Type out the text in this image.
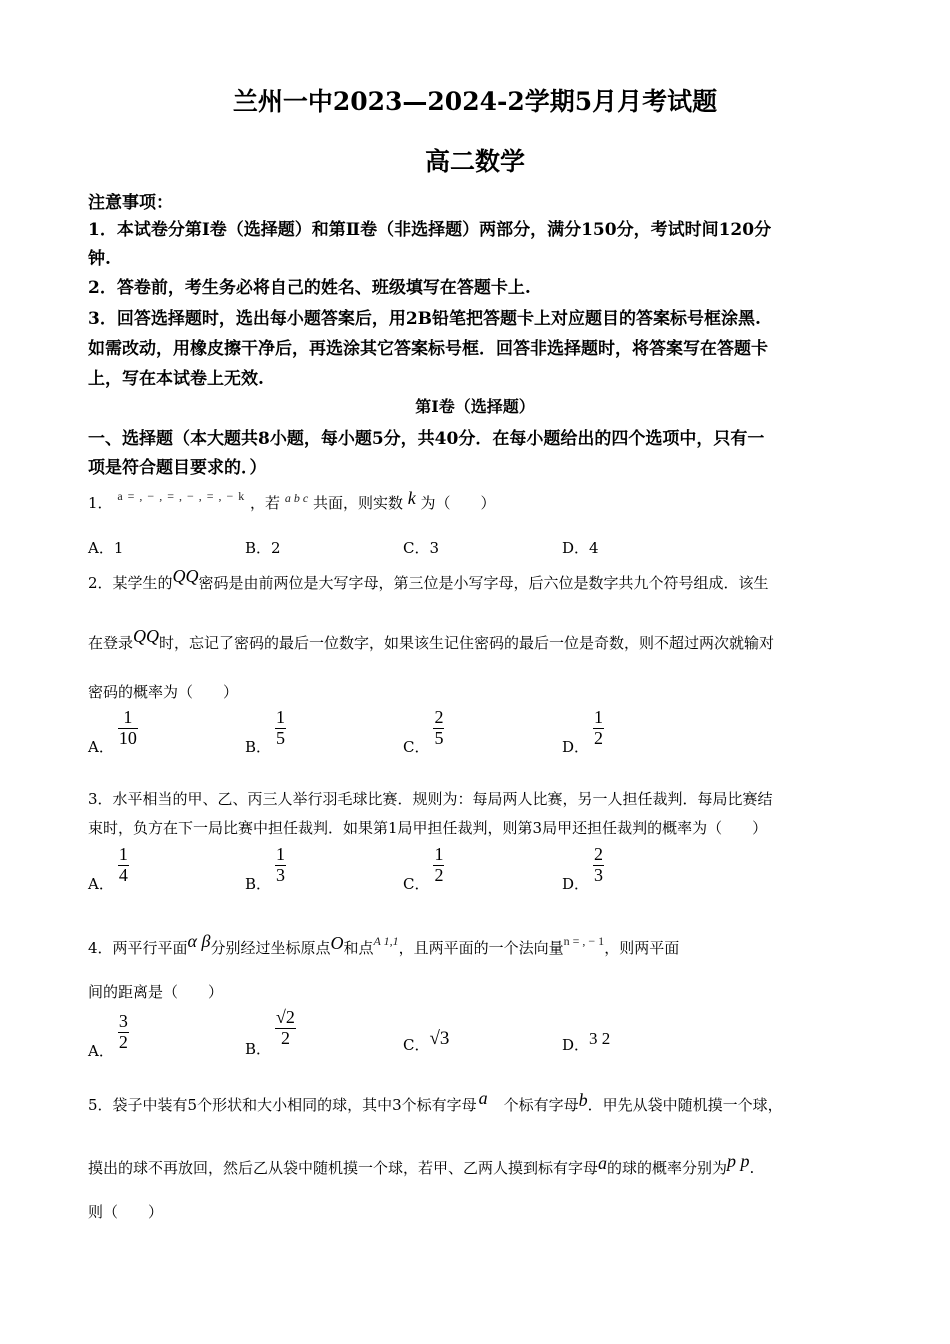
兰州一中2023—2024-2学期5月月考试题
高二数学
注意事项：
1．本试卷分第Ⅰ卷（选择题）和第Ⅱ卷（非选择题）两部分，满分150分，考试时间120分
钟.
2．答卷前，考生务必将自己的姓名、班级填写在答题卡上.
3．回答选择题时，选出每小题答案后，用2B铅笔把答题卡上对应题目的答案标号框涂黑.
如需改动，用橡皮擦干净后，再选涂其它答案标号框．回答非选择题时，将答案写在答题卡
上，写在本试卷上无效.
第Ⅰ卷（选择题）
一、选择题（本大题共8小题，每小题5分，共40分．在每小题给出的四个选项中，只有一
项是符合题目要求的．）
1． $^{a = , - , = , - , = , - k}$ ，若 $^{a b c}$ 共面，则实数 k 为（　　）
A．1	B．2	C．3	D．4
2．某学生的QQ密码是由前两位是大写字母，第三位是小写字母，后六位是数字共九个符号组成．该生
在登录QQ时，忘记了密码的最后一位数字，如果该生记住密码的最后一位是奇数，则不超过两次就输对
密码的概率为（　　）
A． $\frac{1}{10}$	B． $\frac{1}{5}$	C． $\frac{2}{5}$	D． $\frac{1}{2}$
3．水平相当的甲、乙、丙三人举行羽毛球比赛．规则为：每局两人比赛，另一人担任裁判．每局比赛结
束时，负方在下一局比赛中担任裁判．如果第1局甲担任裁判，则第3局甲还担任裁判的概率为（　　）
A． $\frac{1}{4}$	B． $\frac{1}{3}$	C． $\frac{1}{2}$	D． $\frac{2}{3}$
4．两平行平面α β分别经过坐标原点O和点$^{A 1,1}$，且两平面的一个法向量$^{n = , - 1}$，则两平面
间的距离是（　　）
A． $\frac{3}{2}$	B．
$\frac{√2}{2}$	C．√3	D．3 2
5．袋子中装有5个形状和大小相同的球，其中3个标有字母 a 个标有字母b．甲先从袋中随机摸一个球，
摸出的球不再放回，然后乙从袋中随机摸一个球，若甲、乙两人摸到标有字母a的球的概率分别为p p.
则（　　）
